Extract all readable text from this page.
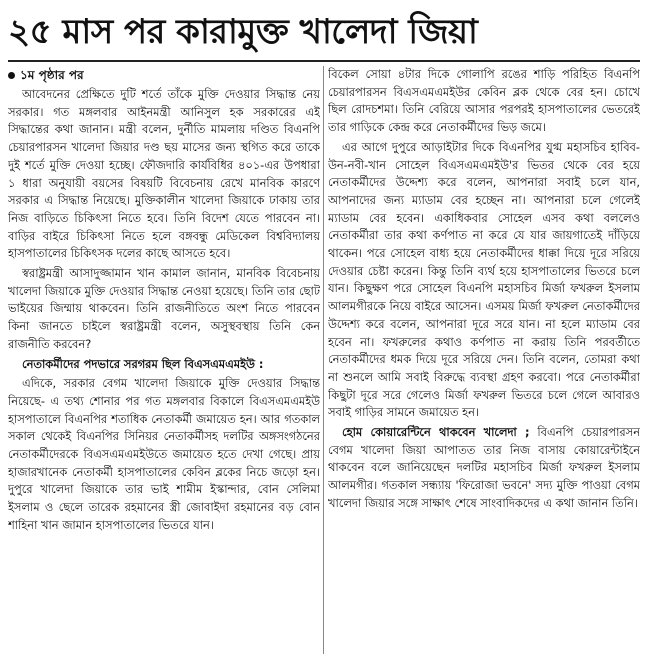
২৫ মাস পর কারামুক্ত খালেদা জিয়া
১ম পৃষ্ঠার পর

আবেদনের প্রেক্ষিতে দুটি শর্তে তাঁকে মুক্তি দেওয়ার সিদ্ধান্ত নেয় সরকার। গত মঙ্গলবার আইনমন্ত্রী আনিসুল হক সরকারের এই সিদ্ধান্তের কথা জানান। মন্ত্রী বলেন, দুর্নীতি মামলায় দণ্ডিত বিএনপি চেয়ারপারসন খালেদা জিয়ার দণ্ড ছয় মাসের জন্য স্থগিত করে তাকে দুই শর্তে মুক্তি দেওয়া হচ্ছে। ফৌজদারি কার্যবিধির ৪০১-এর উপধারা ১ ধারা অনুযায়ী বয়সের বিষয়টি বিবেচনায় রেখে মানবিক কারণে সরকার এ সিদ্ধান্ত নিয়েছে। মুক্তিকালীন খালেদা জিয়াকে ঢাকায় তার নিজ বাড়িতে চিকিৎসা নিতে হবে। তিনি বিদেশ যেতে পারবেন না। বাড়ির বাইরে চিকিৎসা নিতে হলে বঙ্গবন্ধু মেডিকেল বিশ্ববিদ্যালয় হাসপাতালের চিকিৎসক দলের কাছে আসতে হবে।

স্বরাষ্ট্রমন্ত্রী আসাদুজ্জামান খান কামাল জানান, মানবিক বিবেচনায় খালেদা জিয়াকে মুক্তি দেওয়ার সিদ্ধান্ত নেওয়া হয়েছে। তিনি তার ছোট ভাইয়ের জিম্মায় থাকবেন। তিনি রাজনীতিতে অংশ নিতে পারবেন কিনা জানতে চাইলে স্বরাষ্ট্রমন্ত্রী বলেন, অসুস্থবস্থায় তিনি কেন রাজনীতি করবেন?

নেতাকর্মীদের পদভারে সরগরম ছিল বিএসএমএমইউ :

এদিকে, সরকার বেগম খালেদা জিয়াকে মুক্তি দেওয়ার সিদ্ধান্ত নিয়েছে- এ তথ্য শোনার পর গত মঙ্গলবার বিকালে বিএসএমএমইউ হাসপাতালে বিএনপির শতাধিক নেতাকর্মী জমায়েত হন। আর গতকাল সকাল থেকেই বিএনপির সিনিয়র নেতাকর্মীসহ দলটির অঙ্গসংগঠনের নেতাকর্মীদেরকে বিএসএমএমইউতে জমায়েত হতে দেখা গেছে। প্রায় হাজারখানেক নেতাকর্মী হাসপাতালের কেবিন ব্লকের নিচে জড়ো হন। দুপুরে খালেদা জিয়াকে তার ভাই শামীম ইস্কান্দার, বোন সেলিমা ইসলাম ও ছেলে তারেক রহমানের স্ত্রী জোবাইদা রহমানের বড় বোন শাহিনা খান জামান হাসপাতালের ভিতরে যান।

বিকেল সোয়া ৪টার দিকে গোলাপি রঙের শাড়ি পরিহিত বিএনপি চেয়ারপারসন বিএসএমএমইউর কেবিন ব্লক থেকে বের হন। চোখে ছিল রোদচশমা। তিনি বেরিয়ে আসার পরপরই হাসপাতালের ভেতরেই তার গাড়িকে কেন্দ্র করে নেতাকর্মীদের ভিড় জমে।

এর আগে দুপুরে আড়াইটার দিকে বিএনপির যুগ্ম মহাসচিব হাবিব-উন-নবী-খান সোহেল বিএসএমএমইউ'র ভিতর থেকে বের হয়ে নেতাকর্মীদের উদ্দেশ্য করে বলেন, আপনারা সবাই চলে যান, আপনাদের জন্য ম্যাডাম বের হচ্ছেন না। আপনারা চলে গেলেই ম্যাডাম বের হবেন। একাধিকবার সোহেল এসব কথা বললেও নেতাকর্মীরা তার কথা কর্ণপাত না করে যে যার জায়গাতেই দাঁড়িয়ে থাকেন। পরে সোহেল বাধ্য হয়ে নেতাকর্মীদের ধাক্কা দিয়ে দূরে সরিয়ে দেওয়ার চেষ্টা করেন। কিন্তু তিনি ব্যর্থ হয়ে হাসপাতালের ভিতরে চলে যান। কিছুক্ষণ পরে সোহেল বিএনপি মহাসচিব মির্জা ফখরুল ইসলাম আলমগীরকে নিয়ে বাইরে আসেন। এসময় মির্জা ফখরুল নেতাকর্মীদের উদ্দেশ্য করে বলেন, আপনারা দূরে সরে যান। না হলে ম্যাডাম বের হবেন না। ফখরুলের কথাও কর্ণপাত না করায় তিনি পরবর্তীতে নেতাকর্মীদের ধমক দিয়ে দূরে সরিয়ে দেন। তিনি বলেন, তোমরা কথা না শুনলে আমি সবাই বিরুদ্ধে ব্যবস্থা গ্রহণ করবো। পরে নেতাকর্মীরা কিছুটা দূরে সরে গেলেও মির্জা ফখরুল ভিতরে চলে গেলে আবারও সবাই গাড়ির সামনে জমায়েত হন।

হোম কোয়ারেন্টিনে থাকবেন খালেদা ; বিএনপি চেয়ারপারসন বেগম খালেদা জিয়া আপাতত তার নিজ বাসায় কোয়ারেন্টাইনে থাকবেন বলে জানিয়েছেন দলটির মহাসচিব মির্জা ফখরুল ইসলাম আলমগীর। গতকাল সন্ধ্যায় 'ফিরোজা ভবনে' সদ্য মুক্তি পাওয়া বেগম খালেদা জিয়ার সঙ্গে সাক্ষাৎ শেষে সাংবাদিকদের এ কথা জানান তিনি।
